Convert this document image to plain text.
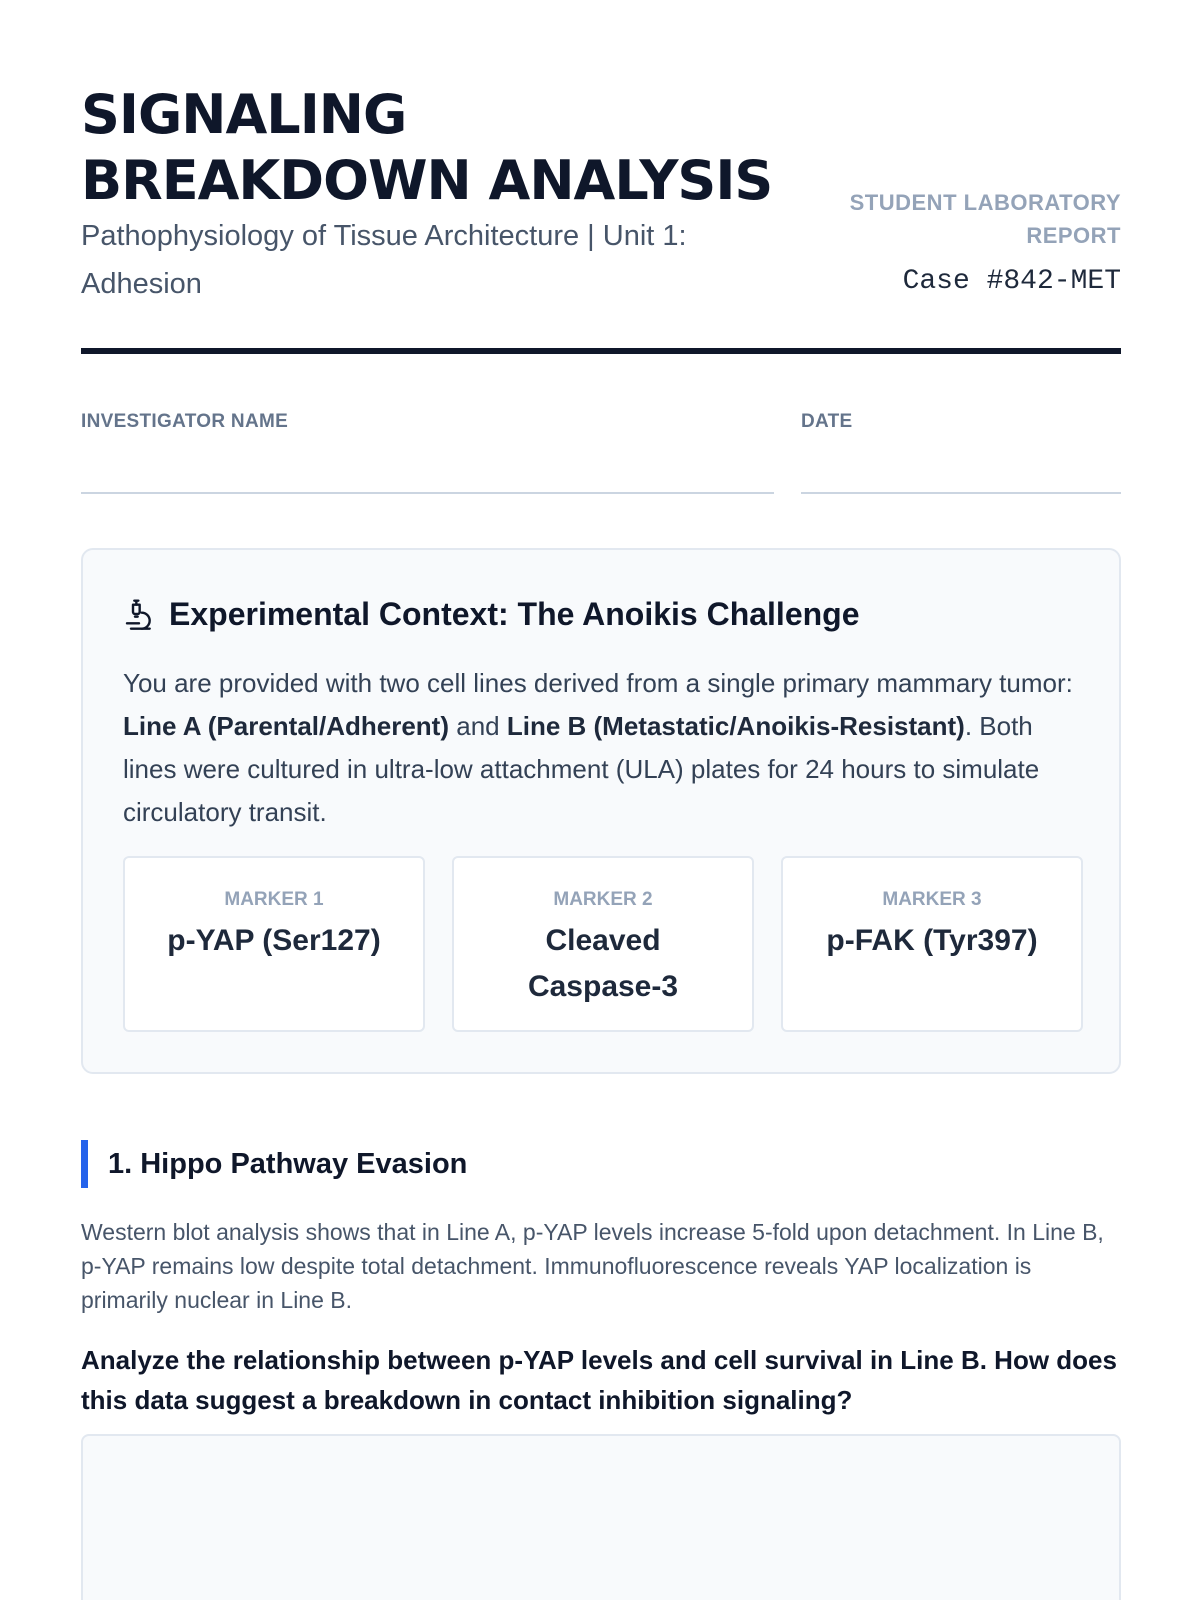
SIGNALING
BREAKDOWN ANALYSIS
Pathophysiology of Tissue Architecture | Unit 1: Adhesion
STUDENT LABORATORY REPORT
Case #842-MET
INVESTIGATOR NAME	DATE
Experimental Context: The Anoikis Challenge

You are provided with two cell lines derived from a single primary mammary tumor: Line A (Parental/Adherent) and Line B (Metastatic/Anoikis-Resistant). Both lines were cultured in ultra-low attachment (ULA) plates for 24 hours to simulate circulatory transit.

MARKER 1
p-YAP (Ser127)
MARKER 2
Cleaved Caspase-3
MARKER 3
p-FAK (Tyr397)
1. Hippo Pathway Evasion

Western blot analysis shows that in Line A, p-YAP levels increase 5-fold upon detachment. In Line B, p-YAP remains low despite total detachment. Immunofluorescence reveals YAP localization is primarily nuclear in Line B.

Analyze the relationship between p-YAP levels and cell survival in Line B. How does this data suggest a breakdown in contact inhibition signaling?
